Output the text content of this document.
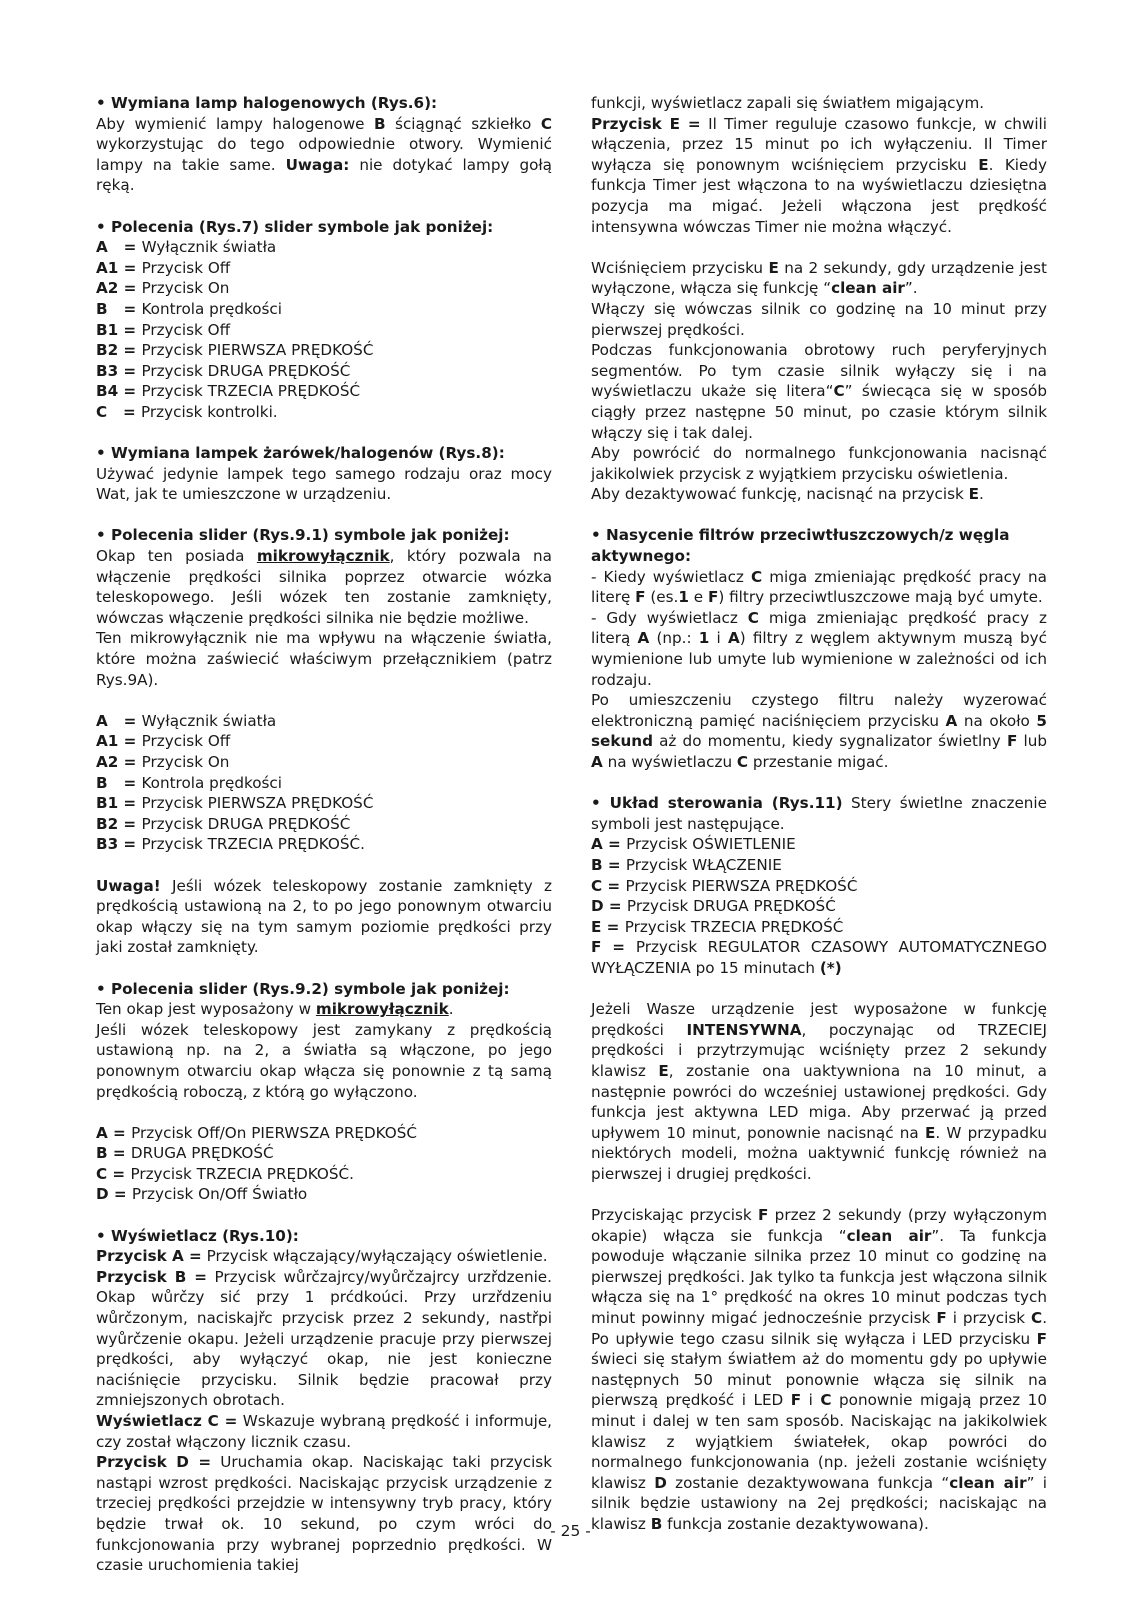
• Wymiana lamp halogenowych (Rys.6):

Aby wymienić lampy halogenowe B ściągnąć szkiełko C wykorzystując do tego odpowiednie otwory. Wymienić lampy na takie same. Uwaga: nie dotykać lampy gołą ręką.

• Polecenia (Rys.7) slider symbole jak poniżej:

A   = Wyłącznik światła

A1 = Przycisk Off

A2 = Przycisk On

B   = Kontrola prędkości

B1 = Przycisk Off

B2 = Przycisk PIERWSZA PRĘDKOŚĆ

B3 = Przycisk DRUGA PRĘDKOŚĆ

B4 = Przycisk TRZECIA PRĘDKOŚĆ

C   = Przycisk kontrolki.

• Wymiana lampek żarówek/halogenów (Rys.8):

Używać jedynie lampek tego samego rodzaju oraz mocy Wat, jak te umieszczone w urządzeniu.

• Polecenia slider (Rys.9.1) symbole jak poniżej:

Okap ten posiada mikrowyłącznik, który pozwala na włączenie prędkości silnika poprzez otwarcie wózka teleskopowego. Jeśli wózek ten zostanie zamknięty, wówczas włączenie prędkości silnika nie będzie możliwe.

Ten mikrowyłącznik nie ma wpływu na włączenie światła, które można zaświecić właściwym przełącznikiem (patrz Rys.9A).

A   = Wyłącznik światła

A1 = Przycisk Off

A2 = Przycisk On

B   = Kontrola prędkości

B1 = Przycisk PIERWSZA PRĘDKOŚĆ

B2 = Przycisk DRUGA PRĘDKOŚĆ

B3 = Przycisk TRZECIA PRĘDKOŚĆ.

Uwaga! Jeśli wózek teleskopowy zostanie zamknięty z prędkością ustawioną na 2, to po jego ponownym otwarciu okap włączy się na tym samym poziomie prędkości przy jaki został zamknięty.

• Polecenia slider (Rys.9.2) symbole jak poniżej:

Ten okap jest wyposażony w mikrowyłącznik.

Jeśli wózek teleskopowy jest zamykany z prędkością ustawioną np. na 2, a światła są włączone, po jego ponownym otwarciu okap włącza się ponownie z tą samą prędkością roboczą, z którą go wyłączono.

A = Przycisk Off/On PIERWSZA PRĘDKOŚĆ

B = DRUGA PRĘDKOŚĆ

C = Przycisk TRZECIA PRĘDKOŚĆ.

D = Przycisk On/Off Światło

• Wyświetlacz (Rys.10):

Przycisk A = Przycisk włączający/wyłączający oświetlenie.

Przycisk B = Przycisk wůrčzajrcy/wyůrčzajrcy urzřdzenie. Okap wůrčzy sić przy 1 prćdkoúci. Przy urzřdzeniu wůrčzonym, naciskajřc przycisk przez 2 sekundy, nastřpi wyůrčzenie okapu. Jeżeli urządzenie pracuje przy pierwszej prędkości, aby wyłączyć okap, nie jest konieczne naciśnięcie przycisku. Silnik będzie pracował przy zmniejszonych obrotach.

Wyświetlacz C = Wskazuje wybraną prędkość i informuje, czy został włączony licznik czasu.

Przycisk D = Uruchamia okap. Naciskając taki przycisk nastąpi wzrost prędkości. Naciskając przycisk urządzenie z trzeciej prędkości przejdzie w intensywny tryb pracy, który będzie trwał ok. 10 sekund, po czym wróci do funkcjonowania przy wybranej poprzednio prędkości. W czasie uruchomienia takiej

funkcji, wyświetlacz zapali się światłem migającym.

Przycisk E = Il Timer reguluje czasowo funkcje, w chwili włączenia, przez 15 minut po ich wyłączeniu. Il Timer wyłącza się ponownym wciśnięciem przycisku E. Kiedy funkcja Timer jest włączona to na wyświetlaczu dziesiętna pozycja ma migać. Jeżeli włączona jest prędkość intensywna wówczas Timer nie można włączyć.

Wciśnięciem przycisku E na 2 sekundy, gdy urządzenie jest wyłączone, włącza się funkcję “clean air”.

Włączy się wówczas silnik co godzinę na 10 minut przy pierwszej prędkości.

Podczas funkcjonowania obrotowy ruch peryferyjnych segmentów. Po tym czasie silnik wyłączy się i na wyświetlaczu ukaże się litera“C” świecąca się w sposób ciągły przez następne 50 minut, po czasie którym silnik włączy się i tak dalej.

Aby powrócić do normalnego funkcjonowania nacisnąć jakikolwiek przycisk z wyjątkiem przycisku oświetlenia.

Aby dezaktywować funkcję, nacisnąć na przycisk E.

• Nasycenie filtrów przeciwtłuszczowych/z węgla aktywnego:

- Kiedy wyświetlacz C miga zmieniając prędkość pracy na literę F (es.1 e F) filtry przeciwtluszczowe mają być umyte.

- Gdy wyświetlacz C miga zmieniając prędkość pracy z literą A (np.: 1 i A) filtry z węglem aktywnym muszą być wymienione lub umyte lub wymienione w zależności od ich rodzaju.

Po umieszczeniu czystego filtru należy wyzerować elektroniczną pamięć naciśnięciem przycisku A na około 5 sekund aż do momentu, kiedy sygnalizator świetlny F lub A na wyświetlaczu C przestanie migać.

• Układ sterowania (Rys.11) Stery świetlne znaczenie symboli jest następujące.

A = Przycisk OŚWIETLENIE

B = Przycisk WŁĄCZENIE

C = Przycisk PIERWSZA PRĘDKOŚĆ

D = Przycisk DRUGA PRĘDKOŚĆ

E = Przycisk TRZECIA PRĘDKOŚĆ

F = Przycisk REGULATOR CZASOWY AUTOMATYCZNEGO WYŁĄCZENIA po 15 minutach (*)

Jeżeli Wasze urządzenie jest wyposażone w funkcję prędkości INTENSYWNA, poczynając od TRZECIEJ prędkości i przytrzymując wciśnięty przez 2 sekundy klawisz E, zostanie ona uaktywniona na 10 minut, a następnie powróci do wcześniej ustawionej prędkości. Gdy funkcja jest aktywna LED miga. Aby przerwać ją przed upływem 10 minut, ponownie nacisnąć na E. W przypadku niektórych modeli, można uaktywnić funkcję również na pierwszej i drugiej prędkości.

Przyciskając przycisk F przez 2 sekundy (przy wyłączonym okapie) włącza sie funkcja “clean air”. Ta funkcja powoduje włączanie silnika przez 10 minut co godzinę na pierwszej prędkości. Jak tylko ta funkcja jest włączona silnik włącza się na 1° prędkość na okres 10 minut podczas tych minut powinny migać jednocześnie przycisk F i przycisk C. Po upływie tego czasu silnik się wyłącza i LED przycisku F świeci się stałym światłem aż do momentu gdy po upływie następnych 50 minut ponownie włącza się silnik na pierwszą prędkość i LED F i C ponownie migają przez 10 minut i dalej w ten sam sposób. Naciskając na jakikolwiek klawisz z wyjątkiem światełek, okap powróci do normalnego funkcjonowania (np. jeżeli zostanie wciśnięty klawisz D zostanie dezaktywowana funkcja “clean air” i silnik będzie ustawiony na 2ej prędkości; naciskając na klawisz B funkcja zostanie dezaktywowana).

- 25 -
